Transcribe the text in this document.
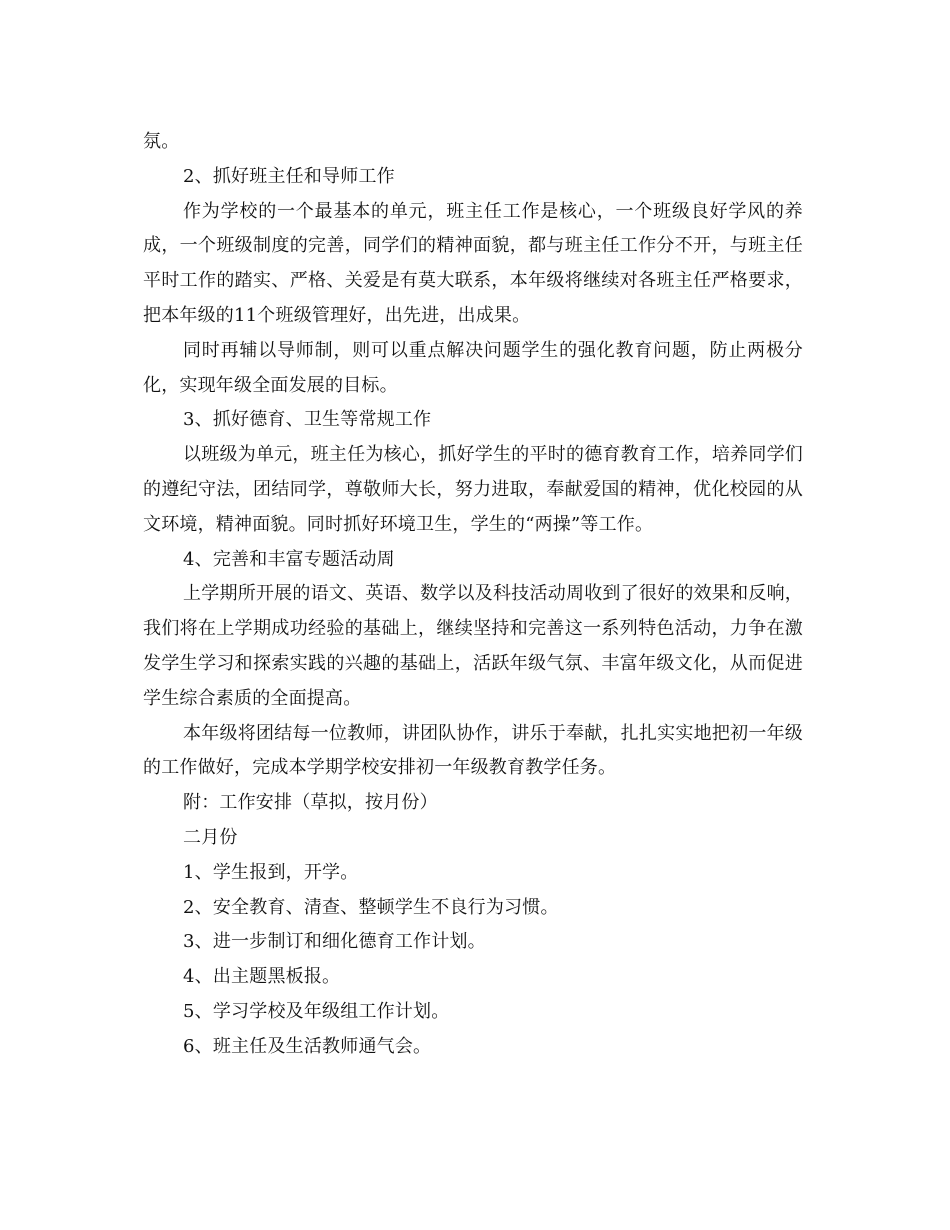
氛。

2、抓好班主任和导师工作

作为学校的一个最基本的单元，班主任工作是核心，一个班级良好学风的养成，一个班级制度的完善，同学们的精神面貌，都与班主任工作分不开，与班主任平时工作的踏实、严格、关爱是有莫大联系，本年级将继续对各班主任严格要求，把本年级的11个班级管理好，出先进，出成果。

同时再辅以导师制，则可以重点解决问题学生的强化教育问题，防止两极分化，实现年级全面发展的目标。

3、抓好德育、卫生等常规工作

以班级为单元，班主任为核心，抓好学生的平时的德育教育工作，培养同学们的遵纪守法，团结同学，尊敬师大长，努力进取，奉献爱国的精神，优化校园的从文环境，精神面貌。同时抓好环境卫生，学生的“两操”等工作。

4、完善和丰富专题活动周

上学期所开展的语文、英语、数学以及科技活动周收到了很好的效果和反响，我们将在上学期成功经验的基础上，继续坚持和完善这一系列特色活动，力争在激发学生学习和探索实践的兴趣的基础上，活跃年级气氛、丰富年级文化，从而促进学生综合素质的全面提高。

本年级将团结每一位教师，讲团队协作，讲乐于奉献，扎扎实实地把初一年级的工作做好，完成本学期学校安排初一年级教育教学任务。

附：工作安排（草拟，按月份）

二月份

1、学生报到，开学。

2、安全教育、清查、整顿学生不良行为习惯。

3、进一步制订和细化德育工作计划。

4、出主题黑板报。

5、学习学校及年级组工作计划。

6、班主任及生活教师通气会。
